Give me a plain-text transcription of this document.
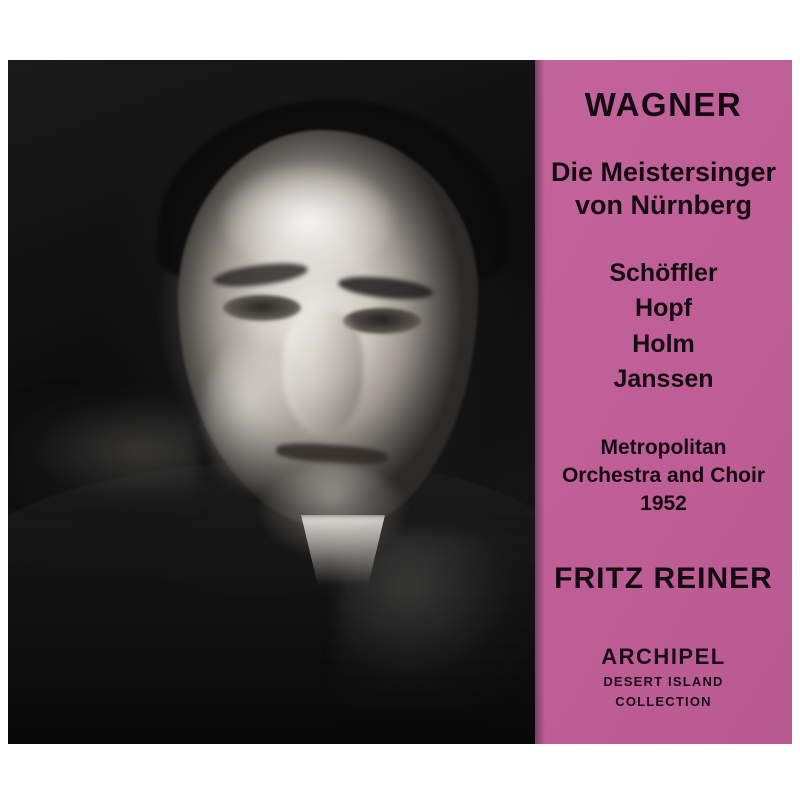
WAGNER
Die Meistersinger
von Nürnberg
Schöffler
Hopf
Holm
Janssen
Metropolitan
Orchestra and Choir
1952
FRITZ REINER
ARCHIPEL
DESERT ISLAND
COLLECTION
